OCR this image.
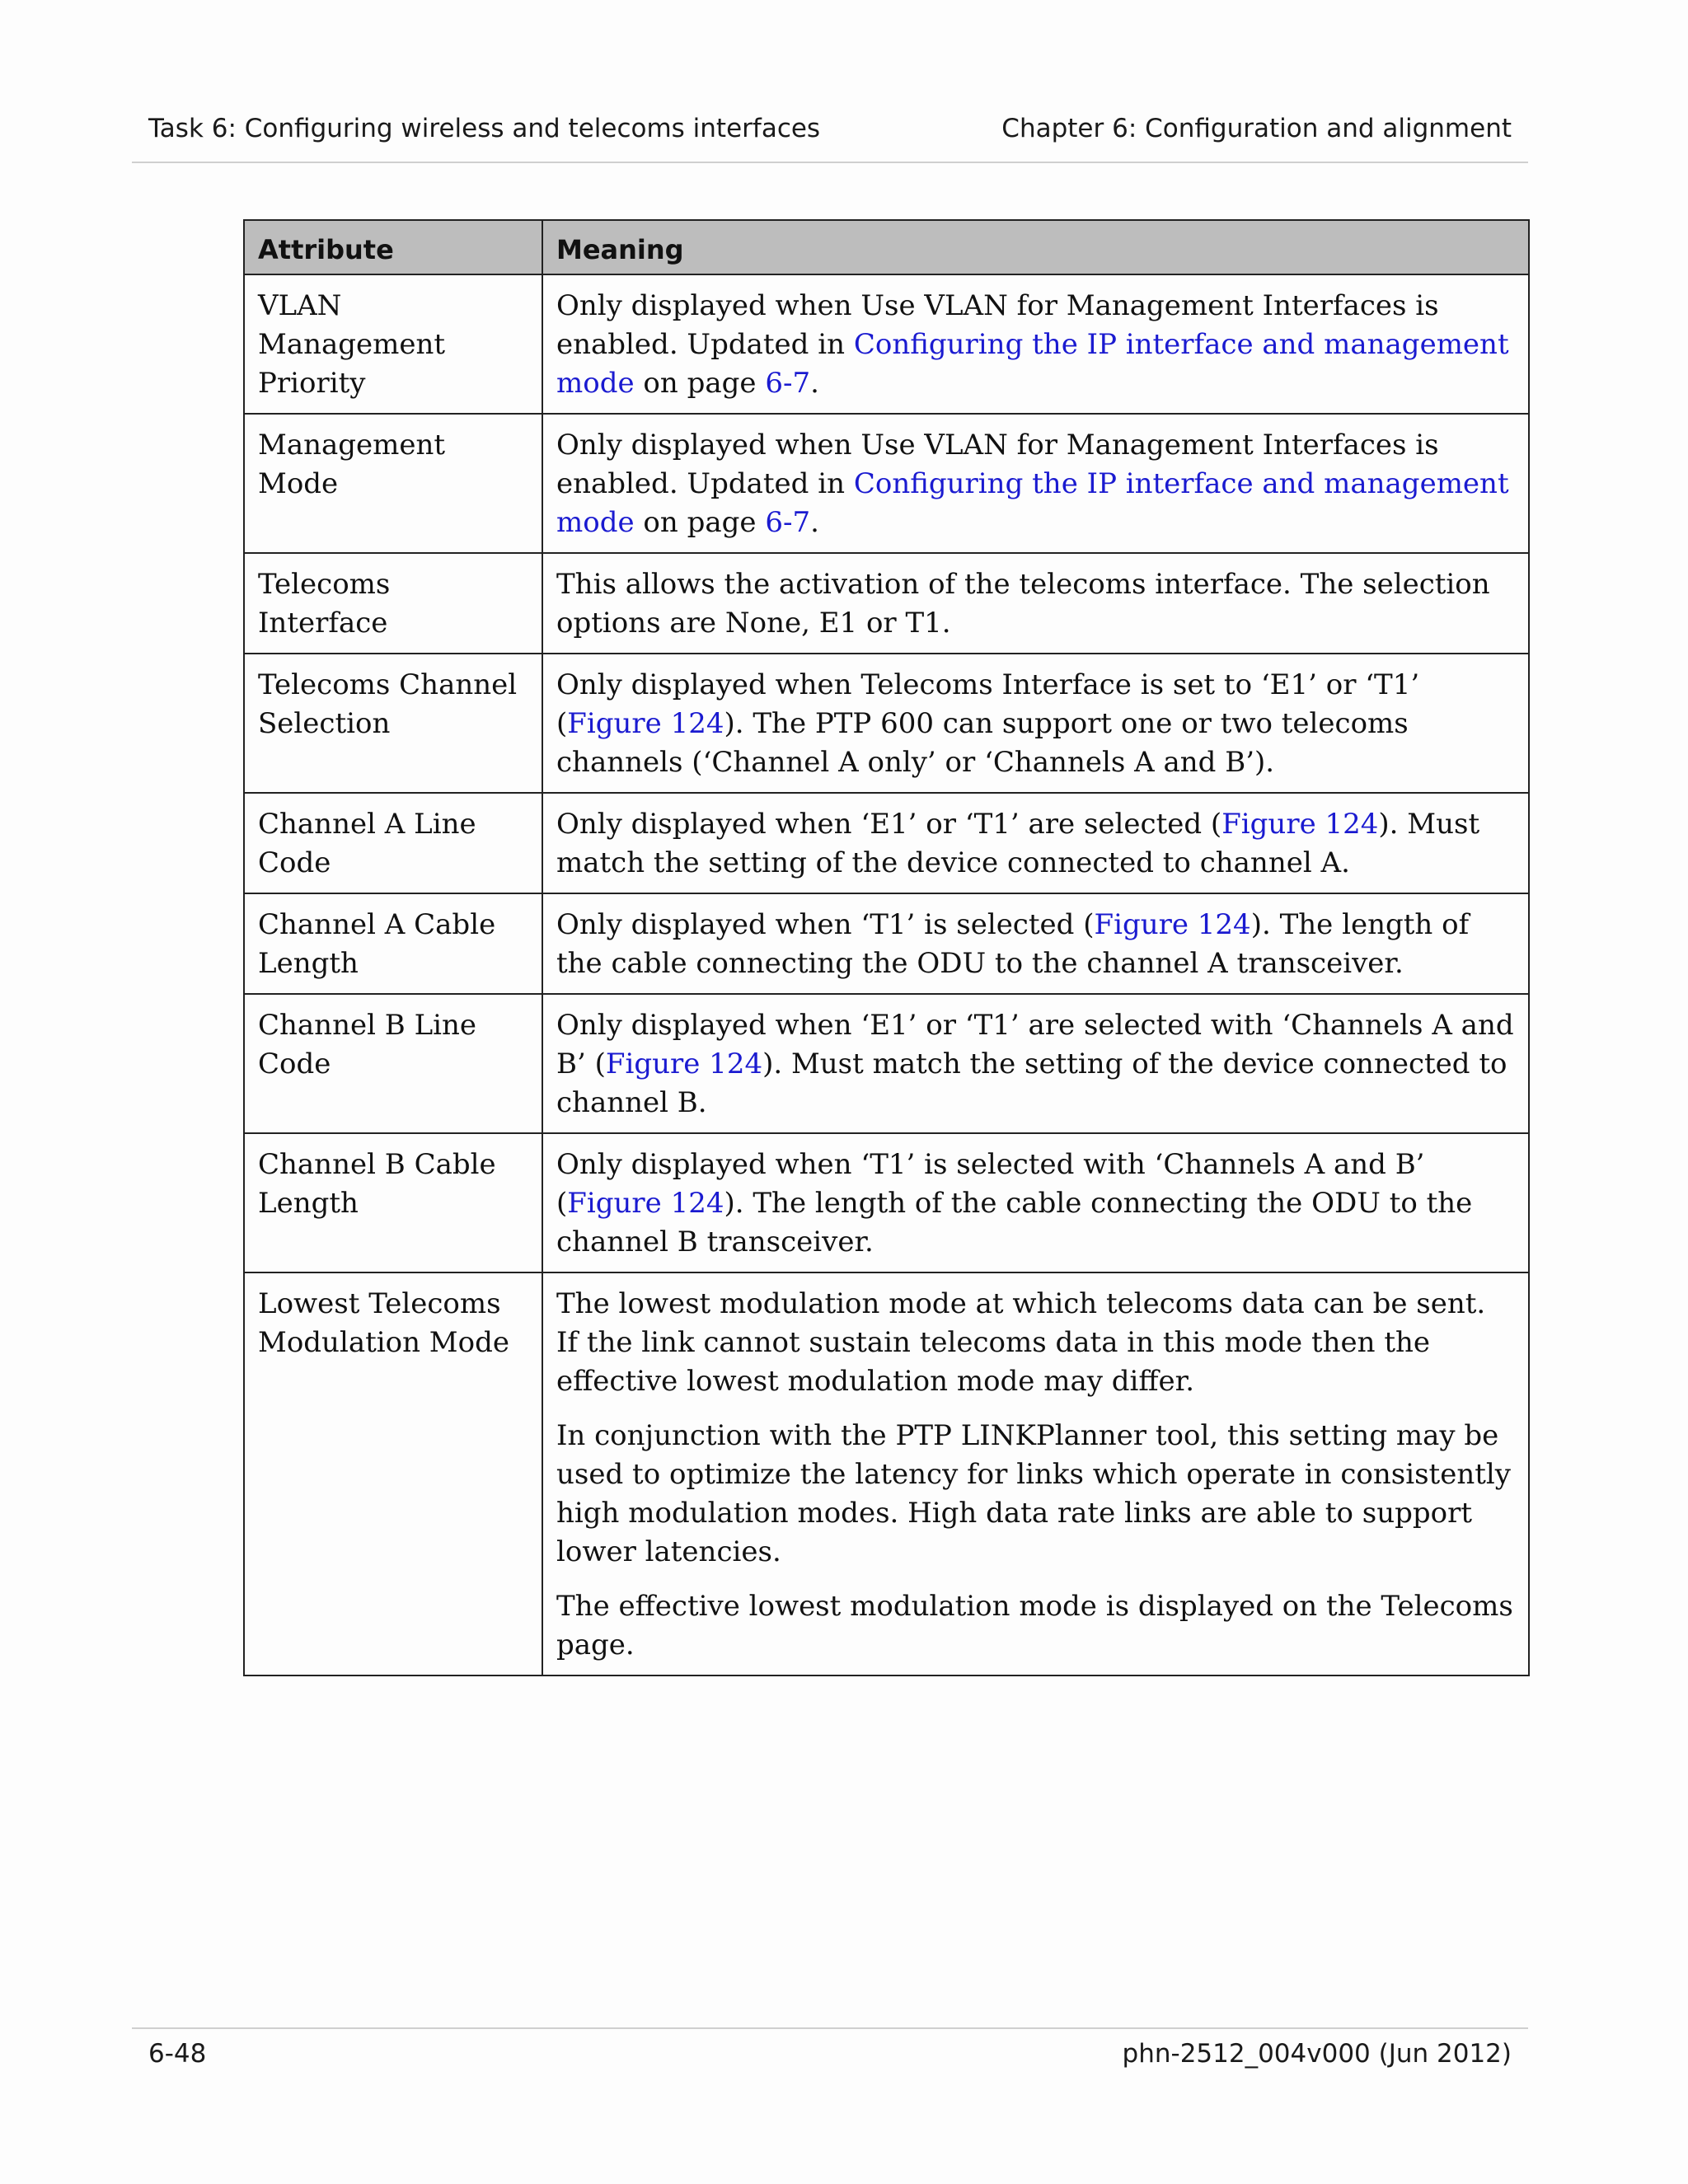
Task 6: Configuring wireless and telecoms interfaces	Chapter 6: Configuration and alignment
Attribute	Meaning
VLAN Management Priority	Only displayed when Use VLAN for Management Interfaces is enabled. Updated in Configuring the IP interface and management mode on page 6-7.

Management Mode	Only displayed when Use VLAN for Management Interfaces is enabled. Updated in Configuring the IP interface and management mode on page 6-7.

Telecoms Interface	This allows the activation of the telecoms interface. The selection options are None, E1 or T1.

Telecoms Channel Selection	Only displayed when Telecoms Interface is set to ‘E1’ or ‘T1’ (Figure 124). The PTP 600 can support one or two telecoms channels (‘Channel A only’ or ‘Channels A and B’).

Channel A Line Code	Only displayed when ‘E1’ or ‘T1’ are selected (Figure 124). Must match the setting of the device connected to channel A.

Channel A Cable Length	Only displayed when ‘T1’ is selected (Figure 124). The length of the cable connecting the ODU to the channel A transceiver.

Channel B Line Code	Only displayed when ‘E1’ or ‘T1’ are selected with ‘Channels A and B’ (Figure 124). Must match the setting of the device connected to channel B.

Channel B Cable Length	Only displayed when ‘T1’ is selected with ‘Channels A and B’ (Figure 124). The length of the cable connecting the ODU to the channel B transceiver.

Lowest Telecoms Modulation Mode	The lowest modulation mode at which telecoms data can be sent. If the link cannot sustain telecoms data in this mode then the effective lowest modulation mode may differ.

In conjunction with the PTP LINKPlanner tool, this setting may be used to optimize the latency for links which operate in consistently high modulation modes. High data rate links are able to support lower latencies.

The effective lowest modulation mode is displayed on the Telecoms page.

6-48	phn-2512_004v000 (Jun 2012)
